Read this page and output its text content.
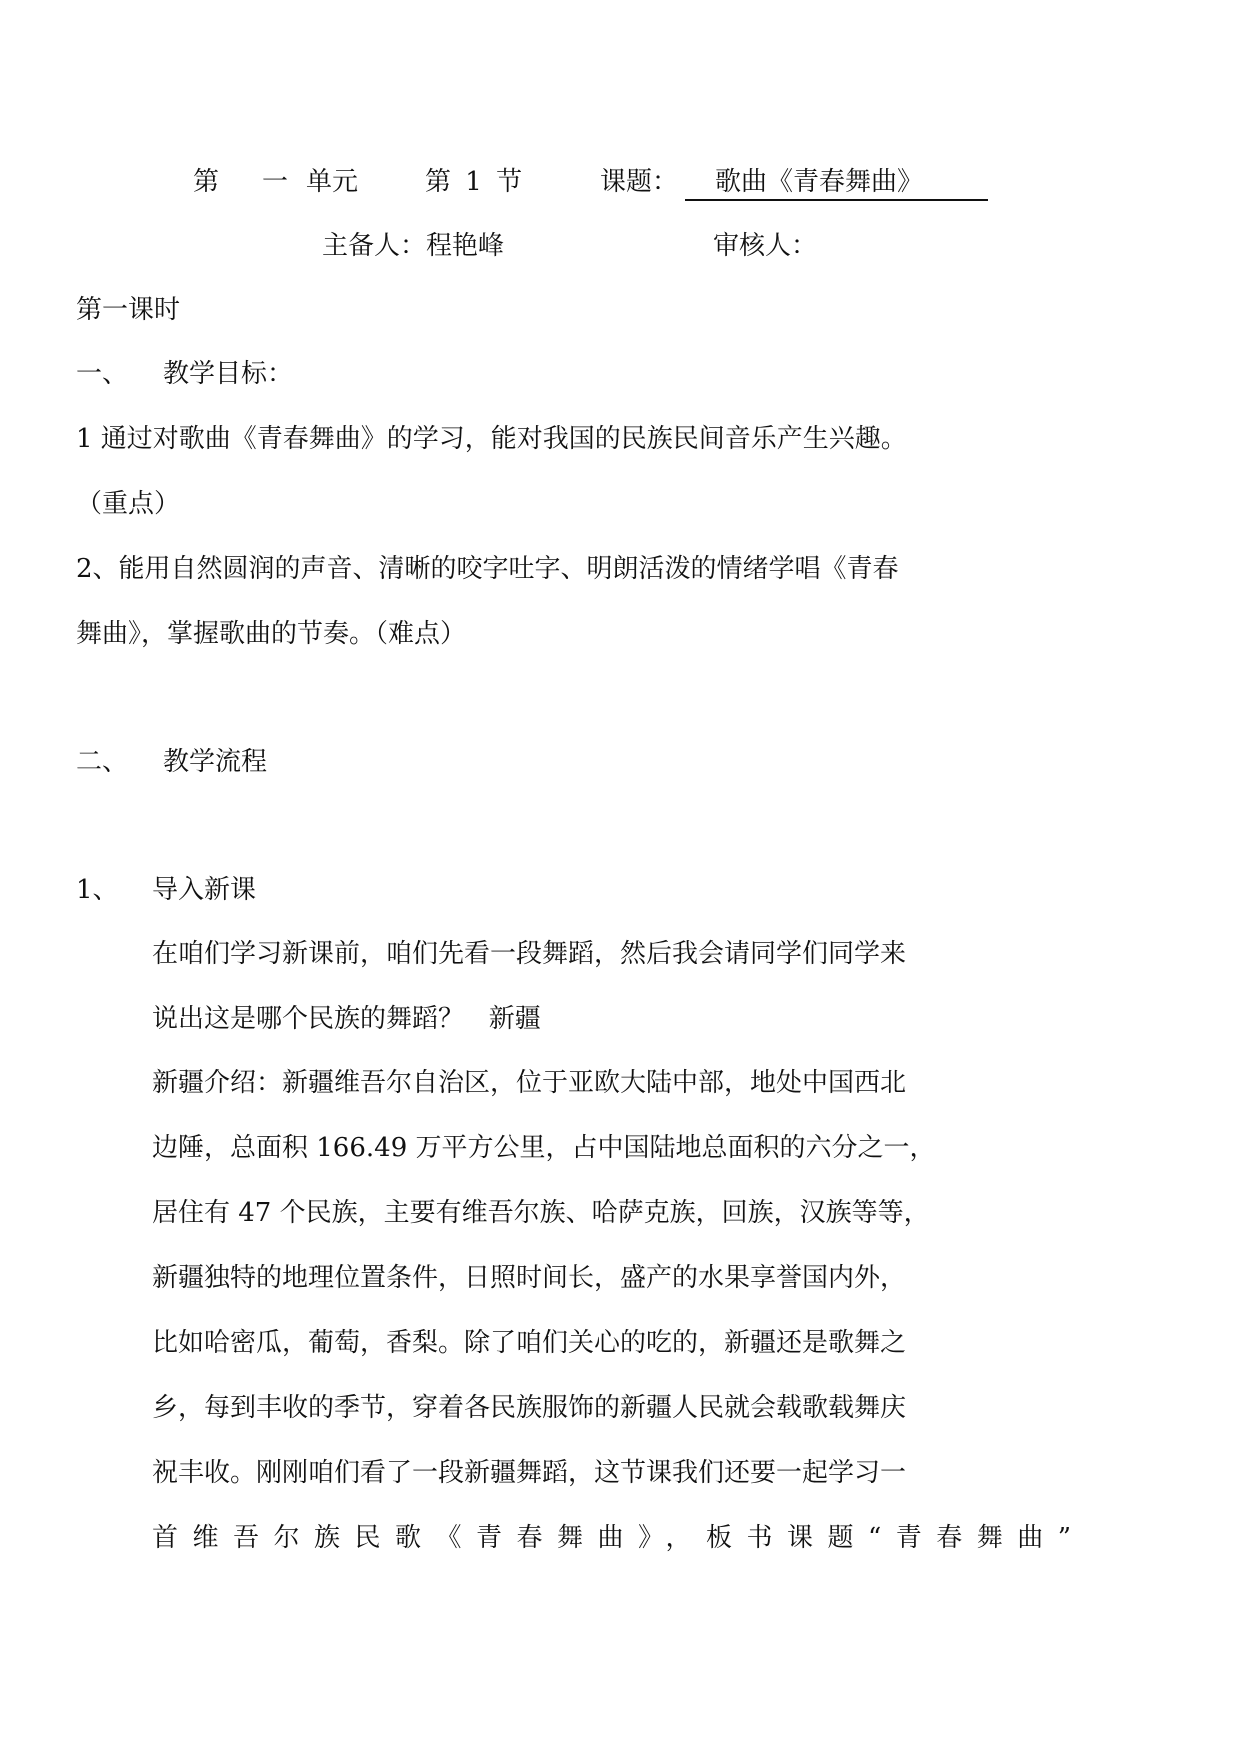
第 一 单元	第 1 节	课题：	歌曲《青春舞曲》
主备人：程艳峰	审核人：
第一课时
一、 教学目标：
1 通过对歌曲《青春舞曲》的学习，能对我国的民族民间音乐产生兴趣。
（重点）
2、能用自然圆润的声音、清晰的咬字吐字、明朗活泼的情绪学唱《青春
舞曲》，掌握歌曲的节奏。（难点）
二、 教学流程
1、 导入新课
在咱们学习新课前，咱们先看一段舞蹈，然后我会请同学们同学来
说出这是哪个民族的舞蹈？   新疆
新疆介绍：新疆维吾尔自治区，位于亚欧大陆中部，地处中国西北
边陲，总面积 166.49 万平方公里，占中国陆地总面积的六分之一，
居住有 47 个民族，主要有维吾尔族、哈萨克族，回族，汉族等等，
新疆独特的地理位置条件，日照时间长，盛产的水果享誉国内外，
比如哈密瓜，葡萄，香梨。除了咱们关心的吃的，新疆还是歌舞之
乡，每到丰收的季节，穿着各民族服饰的新疆人民就会载歌载舞庆
祝丰收。刚刚咱们看了一段新疆舞蹈，这节课我们还要一起学习一
首维吾尔族民歌《青春舞曲》，板书课题“青春舞曲”
